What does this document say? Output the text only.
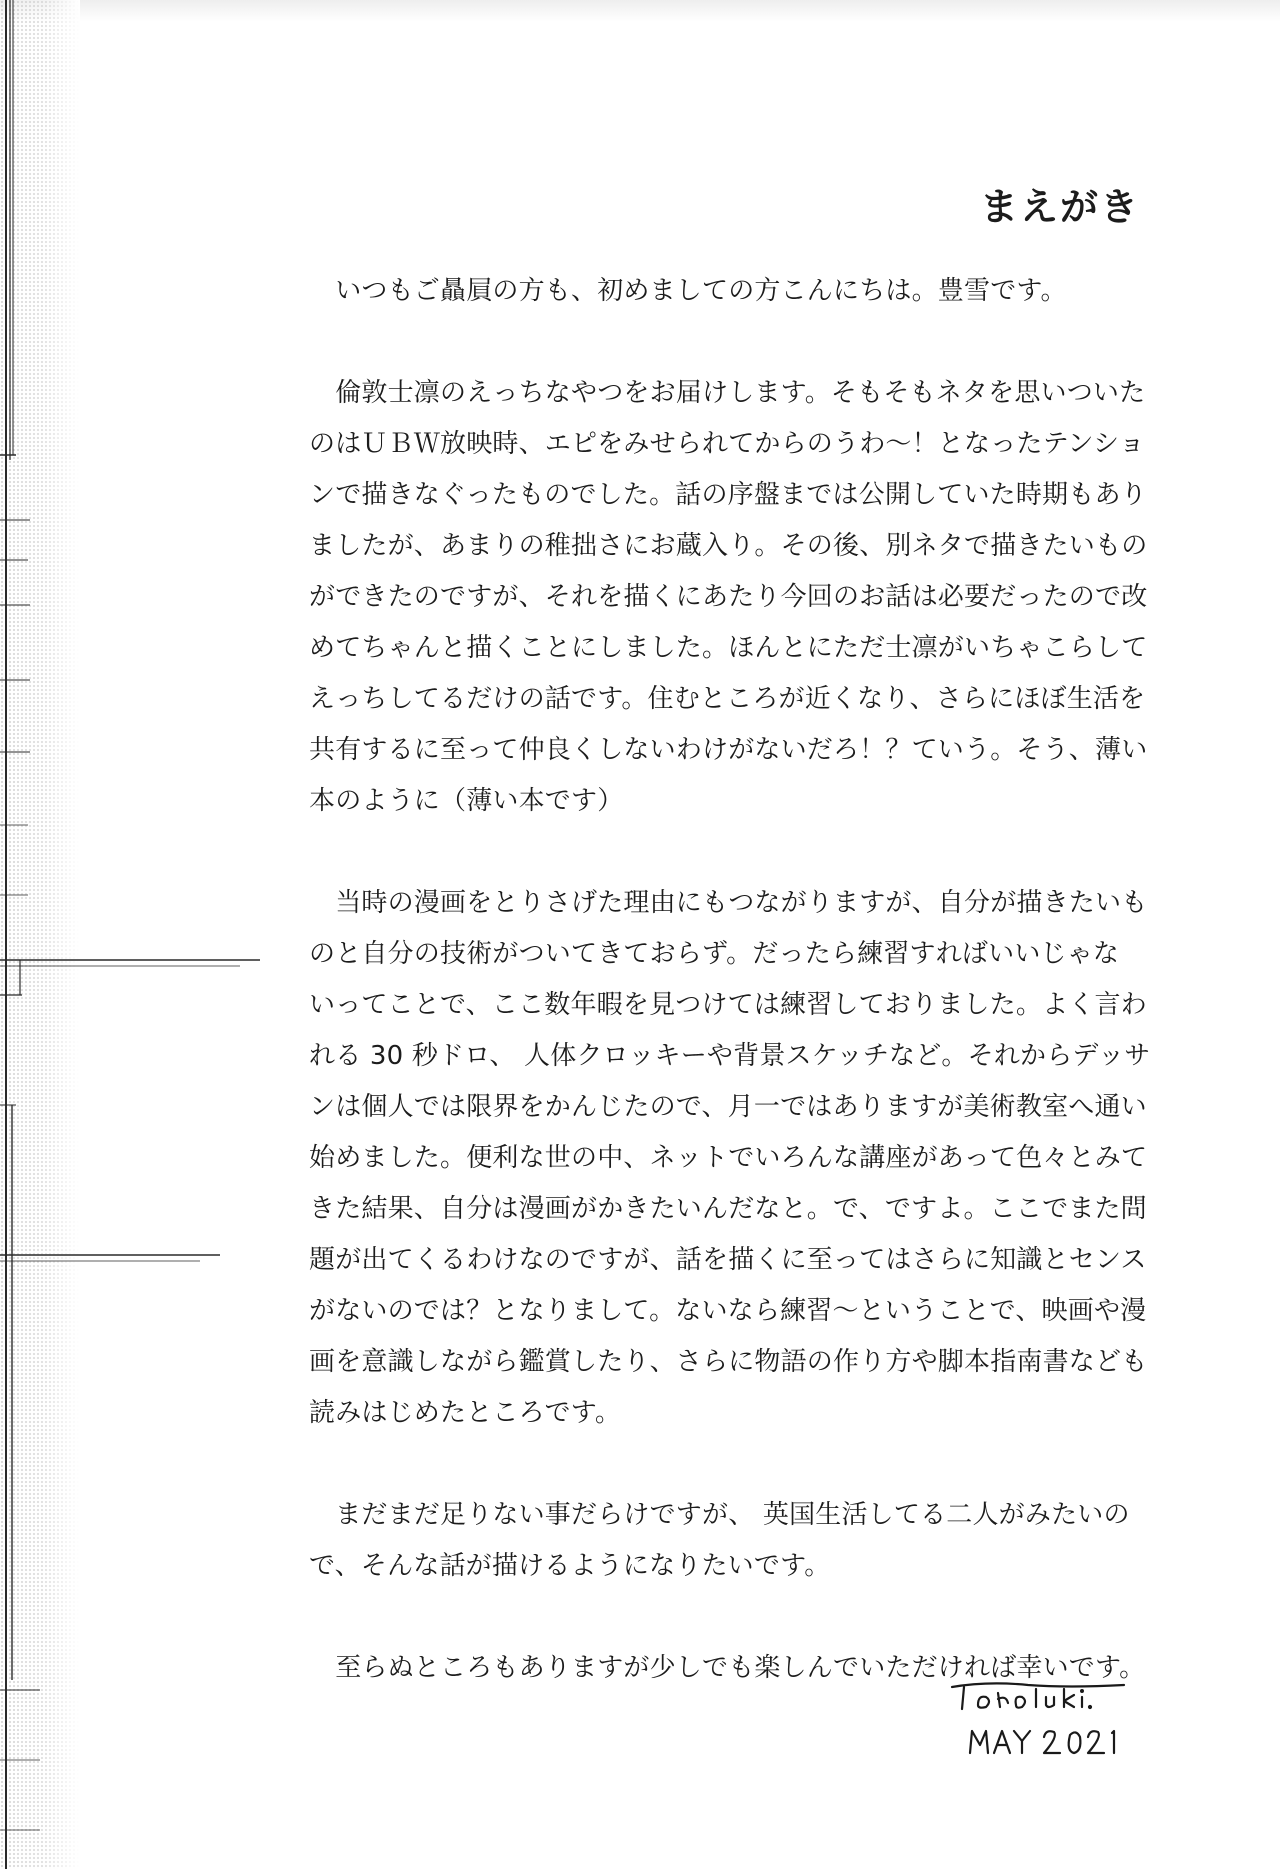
まえがき

　いつもご贔屓の方も、初めましての方こんにちは。豊雪です。

　倫敦士凛のえっちなやつをお届けします。そもそもネタを思いついた
のはＵＢＷ放映時、エピをみせられてからのうわ～！となったテンショ
ンで描きなぐったものでした。話の序盤までは公開していた時期もあり
ましたが、あまりの稚拙さにお蔵入り。その後、別ネタで描きたいもの
ができたのですが、それを描くにあたり今回のお話は必要だったので改
めてちゃんと描くことにしました。ほんとにただ士凛がいちゃこらして
えっちしてるだけの話です。住むところが近くなり、さらにほぼ生活を
共有するに至って仲良くしないわけがないだろ！？ていう。そう、薄い
本のように（薄い本です）

　当時の漫画をとりさげた理由にもつながりますが、自分が描きたいも
のと自分の技術がついてきておらず。だったら練習すればいいじゃな
いってことで、ここ数年暇を見つけては練習しておりました。よく言わ
れる 30 秒ドロ、 人体クロッキーや背景スケッチなど。それからデッサ
ンは個人では限界をかんじたので、月一ではありますが美術教室へ通い
始めました。便利な世の中、ネットでいろんな講座があって色々とみて
きた結果、自分は漫画がかきたいんだなと。で、ですよ。ここでまた問
題が出てくるわけなのですが、話を描くに至ってはさらに知識とセンス
がないのでは？となりまして。ないなら練習～ということで、映画や漫
画を意識しながら鑑賞したり、さらに物語の作り方や脚本指南書なども
読みはじめたところです。

　まだまだ足りない事だらけですが、 英国生活してる二人がみたいの
で、そんな話が描けるようになりたいです。

　至らぬところもありますが少しでも楽しんでいただければ幸いです。
